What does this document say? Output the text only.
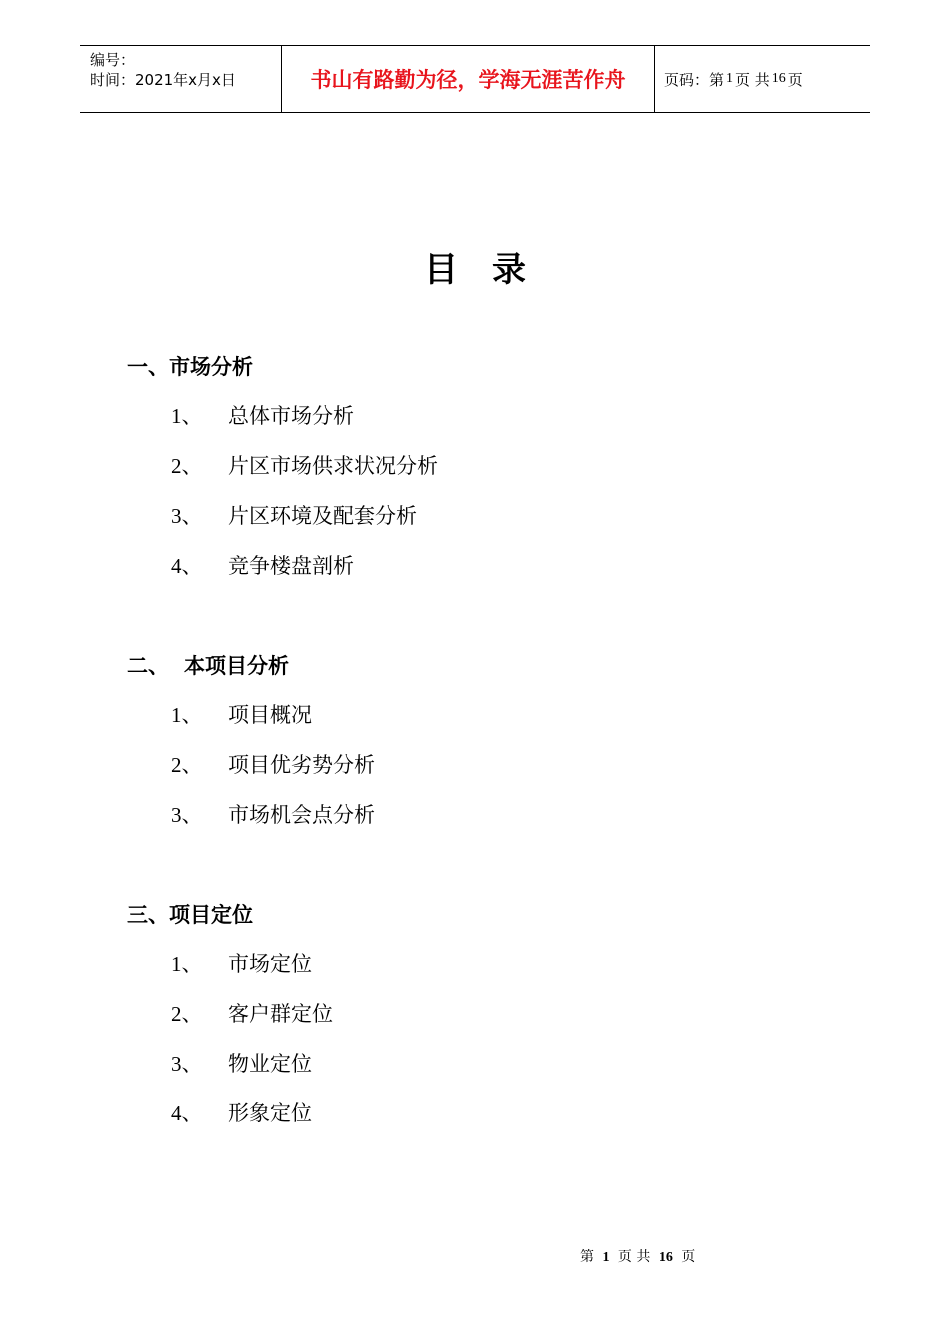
编号：
时间：2021年x月x日	书山有路勤为径，学海无涯苦作舟	页码：第 1 页 共 16 页
目 录
一、市场分析
1、 总体市场分析
2、 片区市场供求状况分析
3、 片区环境及配套分析
4、 竞争楼盘剖析
二、 本项目分析
1、 项目概况
2、 项目优劣势分析
3、 市场机会点分析
三、项目定位
1、 市场定位
2、 客户群定位
3、 物业定位
4、 形象定位
第 1 页 共 16 页
